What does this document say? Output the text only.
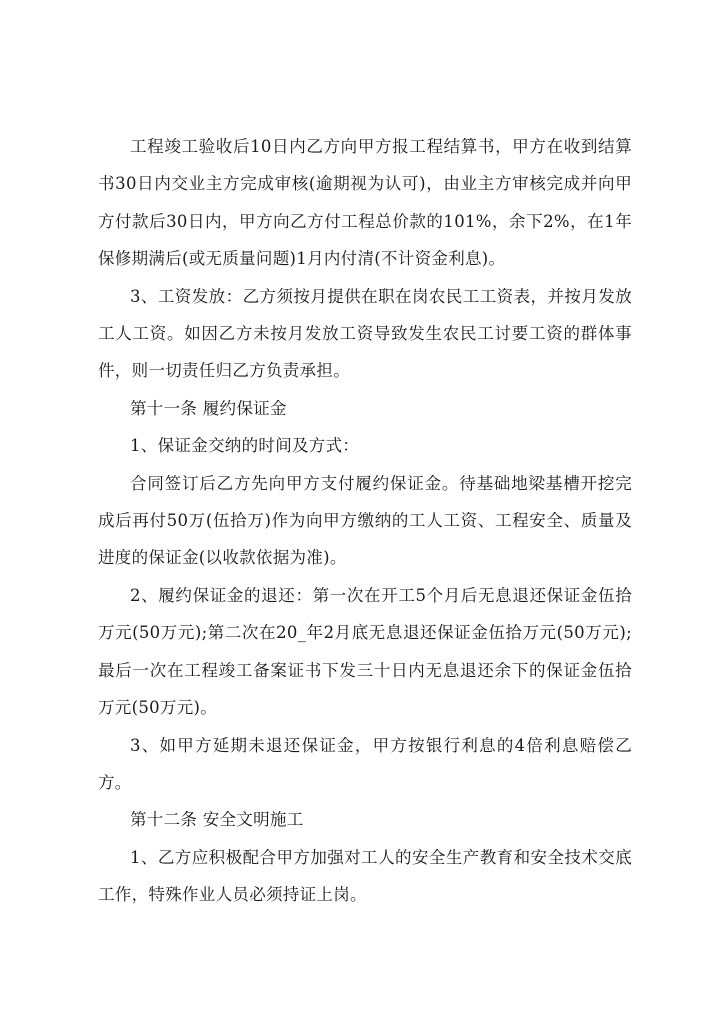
工程竣工验收后10日内乙方向甲方报工程结算书，甲方在收到结算书30日内交业主方完成审核(逾期视为认可)，由业主方审核完成并向甲方付款后30日内，甲方向乙方付工程总价款的101%，余下2%，在1年保修期满后(或无质量问题)1月内付清(不计资金利息)。

3、工资发放：乙方须按月提供在职在岗农民工工资表，并按月发放工人工资。如因乙方未按月发放工资导致发生农民工讨要工资的群体事件，则一切责任归乙方负责承担。

第十一条 履约保证金

1、保证金交纳的时间及方式：

合同签订后乙方先向甲方支付履约保证金。待基础地梁基槽开挖完成后再付50万(伍拾万)作为向甲方缴纳的工人工资、工程安全、质量及进度的保证金(以收款依据为准)。

2、履约保证金的退还：第一次在开工5个月后无息退还保证金伍拾万元(50万元);第二次在20_年2月底无息退还保证金伍拾万元(50万元);最后一次在工程竣工备案证书下发三十日内无息退还余下的保证金伍拾万元(50万元)。

3、如甲方延期未退还保证金，甲方按银行利息的4倍利息赔偿乙方。

第十二条 安全文明施工

1、乙方应积极配合甲方加强对工人的安全生产教育和安全技术交底工作，特殊作业人员必须持证上岗。
